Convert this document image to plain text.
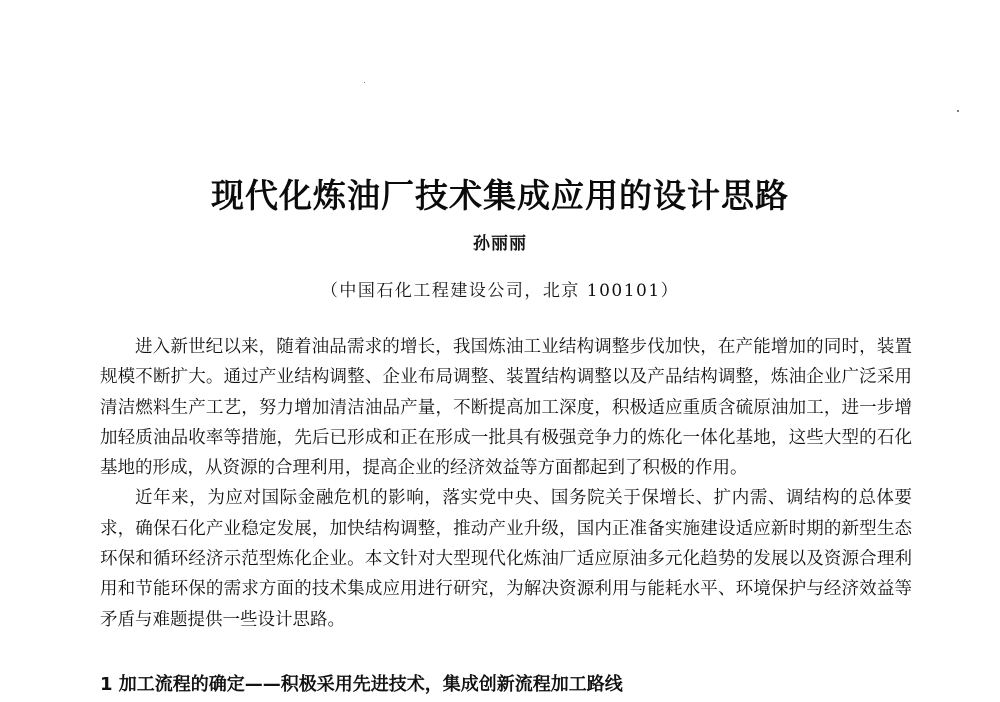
现代化炼油厂技术集成应用的设计思路
孙丽丽
（中国石化工程建设公司，北京 100101）

进入新世纪以来，随着油品需求的增长，我国炼油工业结构调整步伐加快，在产能增加的同时，装置规模不断扩大。通过产业结构调整、企业布局调整、装置结构调整以及产品结构调整，炼油企业广泛采用清洁燃料生产工艺，努力增加清洁油品产量，不断提高加工深度，积极适应重质含硫原油加工，进一步增加轻质油品收率等措施，先后已形成和正在形成一批具有极强竞争力的炼化一体化基地，这些大型的石化基地的形成，从资源的合理利用，提高企业的经济效益等方面都起到了积极的作用。

近年来，为应对国际金融危机的影响，落实党中央、国务院关于保增长、扩内需、调结构的总体要求，确保石化产业稳定发展，加快结构调整，推动产业升级，国内正准备实施建设适应新时期的新型生态环保和循环经济示范型炼化企业。本文针对大型现代化炼油厂适应原油多元化趋势的发展以及资源合理利用和节能环保的需求方面的技术集成应用进行研究，为解决资源利用与能耗水平、环境保护与经济效益等矛盾与难题提供一些设计思路。

1 加工流程的确定——积极采用先进技术，集成创新流程加工路线
